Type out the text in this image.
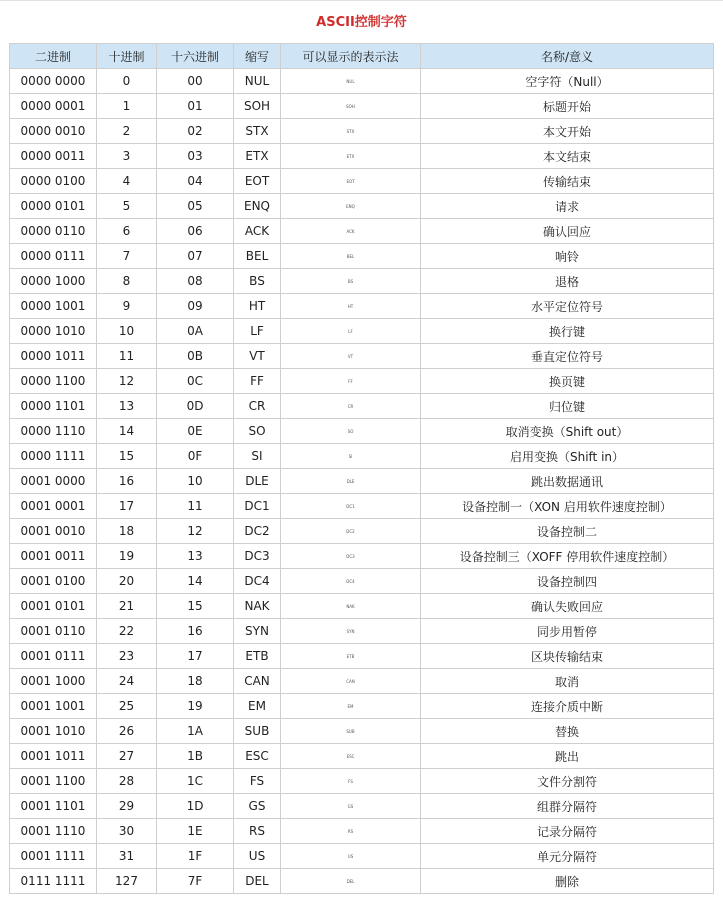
ASCII控制字符
二进制	十进制	十六进制	缩写	可以显示的表示法	名称/意义
0000 0000	0	00	NUL	NUL	空字符（Null）
0000 0001	1	01	SOH	SOH	标题开始
0000 0010	2	02	STX	STX	本文开始
0000 0011	3	03	ETX	ETX	本文结束
0000 0100	4	04	EOT	EOT	传输结束
0000 0101	5	05	ENQ	ENQ	请求
0000 0110	6	06	ACK	ACK	确认回应
0000 0111	7	07	BEL	BEL	响铃
0000 1000	8	08	BS	BS	退格
0000 1001	9	09	HT	HT	水平定位符号
0000 1010	10	0A	LF	LF	换行键
0000 1011	11	0B	VT	VT	垂直定位符号
0000 1100	12	0C	FF	FF	换页键
0000 1101	13	0D	CR	CR	归位键
0000 1110	14	0E	SO	SO	取消变换（Shift out）
0000 1111	15	0F	SI	SI	启用变换（Shift in）
0001 0000	16	10	DLE	DLE	跳出数据通讯
0001 0001	17	11	DC1	DC1	设备控制一（XON 启用软件速度控制）
0001 0010	18	12	DC2	DC2	设备控制二
0001 0011	19	13	DC3	DC3	设备控制三（XOFF 停用软件速度控制）
0001 0100	20	14	DC4	DC4	设备控制四
0001 0101	21	15	NAK	NAK	确认失败回应
0001 0110	22	16	SYN	SYN	同步用暂停
0001 0111	23	17	ETB	ETB	区块传输结束
0001 1000	24	18	CAN	CAN	取消
0001 1001	25	19	EM	EM	连接介质中断
0001 1010	26	1A	SUB	SUB	替换
0001 1011	27	1B	ESC	ESC	跳出
0001 1100	28	1C	FS	FS	文件分割符
0001 1101	29	1D	GS	GS	组群分隔符
0001 1110	30	1E	RS	RS	记录分隔符
0001 1111	31	1F	US	US	单元分隔符
0111 1111	127	7F	DEL	DEL	删除
